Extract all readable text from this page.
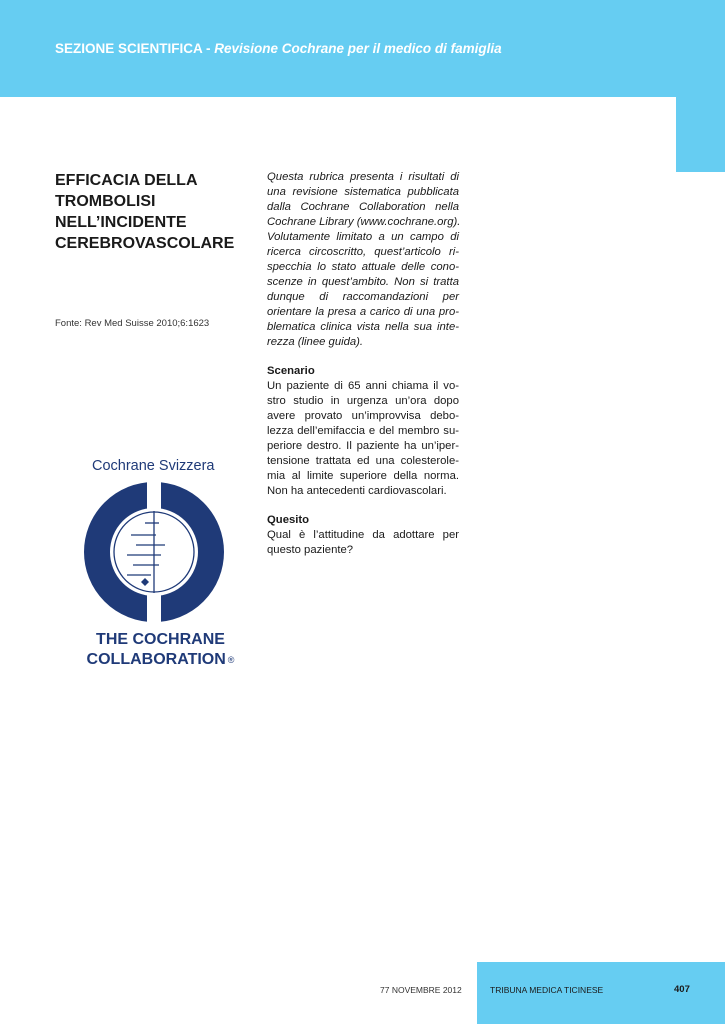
SEZIONE SCIENTIFICA - Revisione Cochrane per il medico di famiglia
EFFICACIA DELLA
TROMBOLISI
NELL’INCIDENTE
CEREBROVASCOLARE
Fonte: Rev Med Suisse 2010;6:1623
Questa rubrica presenta i risultati di
una revisione sistematica pubblicata
dalla Cochrane Collaboration nella
Cochrane Library (www.cochrane.org).
Volutamente limitato a un campo di
ricerca circoscritto, quest’articolo ri-
specchia lo stato attuale delle cono-
scenze in quest’ambito. Non si tratta
dunque di raccomandazioni per
orientare la presa a carico di una pro-
blematica clinica vista nella sua inte-
rezza (linee guida).
Scenario
Un paziente di 65 anni chiama il vo-
stro studio in urgenza un’ora dopo
avere provato un’improvvisa debo-
lezza dell’emifaccia e del membro su-
periore destro. Il paziente ha un’iper-
tensione trattata ed una colesterole-
mia al limite superiore della norma.
Non ha antecedenti cardiovascolari.
Quesito
Qual è l’attitudine da adottare per
questo paziente?
Cochrane Svizzera
THE COCHRANE
COLLABORATION ®
77 NOVEMBRE 2012	TRIBUNA MEDICA TICINESE	407
